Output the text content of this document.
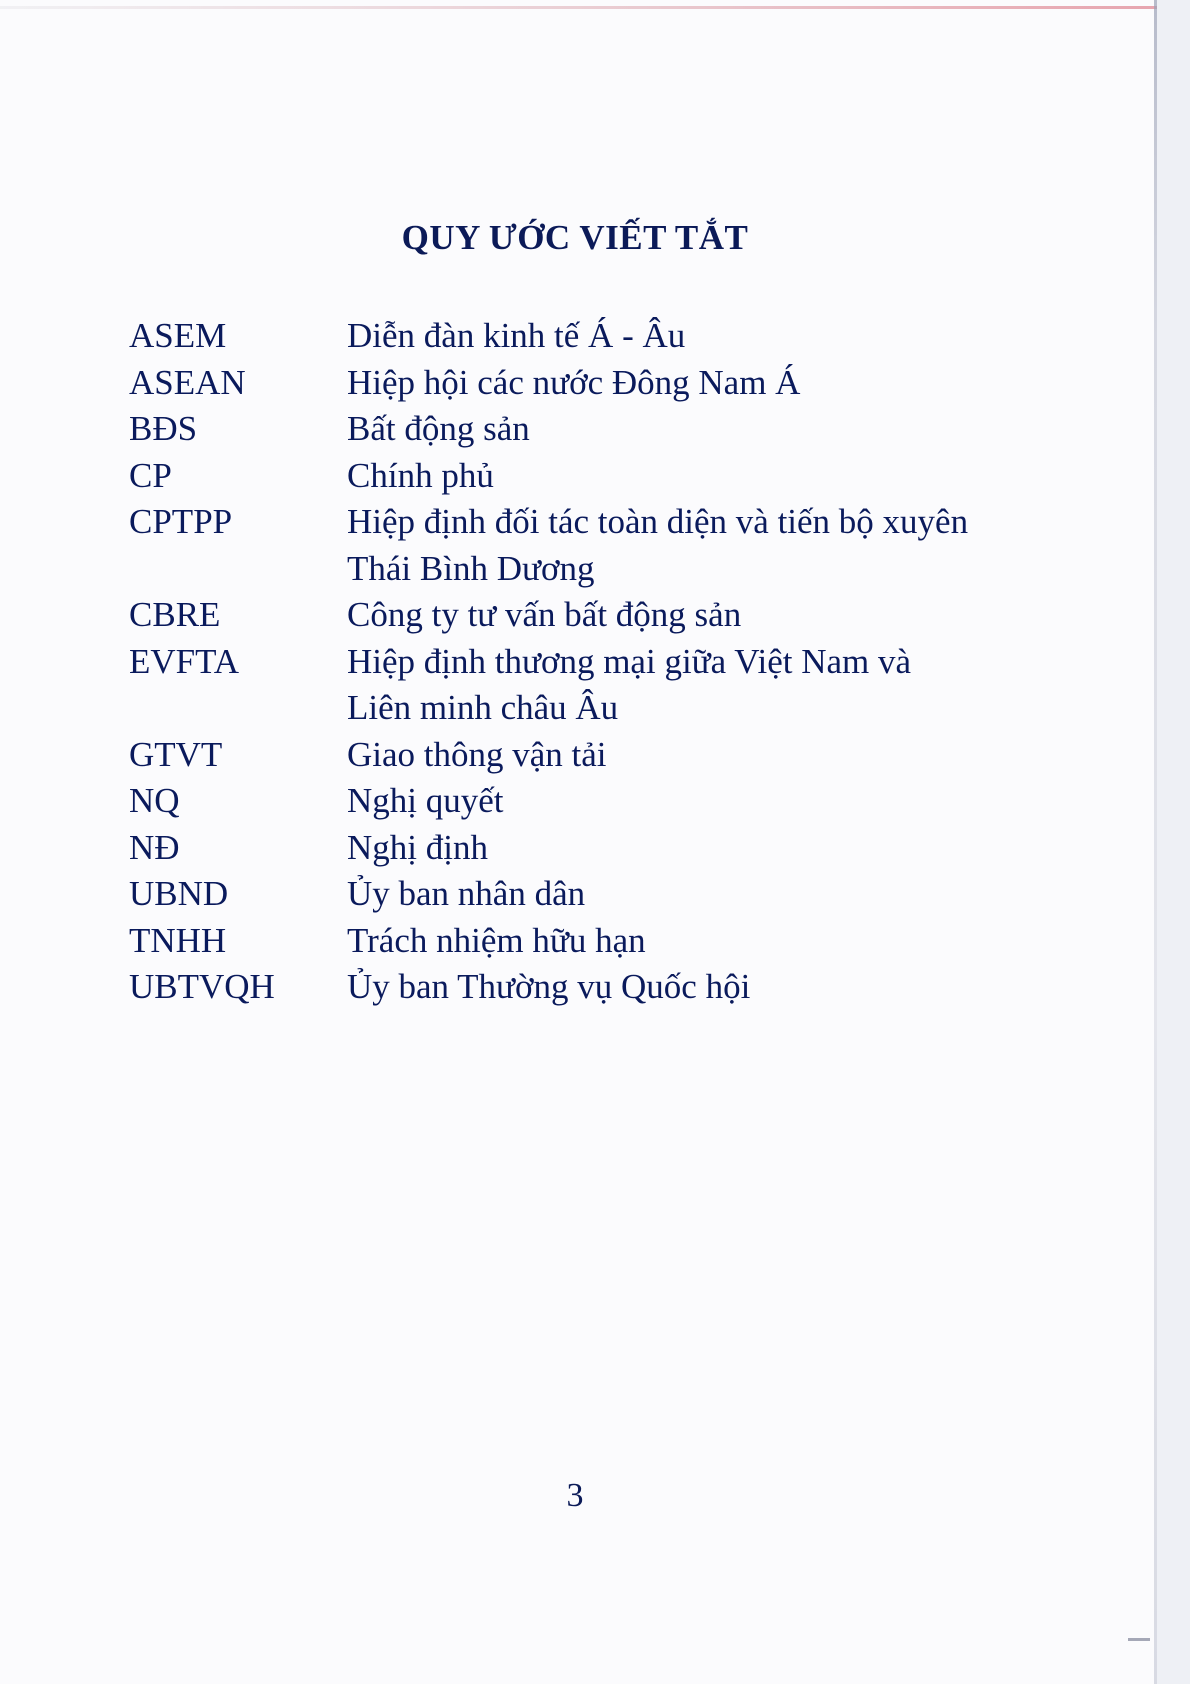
QUY ƯỚC VIẾT TẮT
ASEM	Diễn đàn kinh tế Á - Âu
ASEAN	Hiệp hội các nước Đông Nam Á
BĐS	Bất động sản
CP	Chính phủ
CPTPP	Hiệp định đối tác toàn diện và tiến bộ xuyên
Thái Bình Dương
CBRE	Công ty tư vấn bất động sản
EVFTA	Hiệp định thương mại giữa Việt Nam và
Liên minh châu Âu
GTVT	Giao thông vận tải
NQ	Nghị quyết
NĐ	Nghị định
UBND	Ủy ban nhân dân
TNHH	Trách nhiệm hữu hạn
UBTVQH	Ủy ban Thường vụ Quốc hội
3
